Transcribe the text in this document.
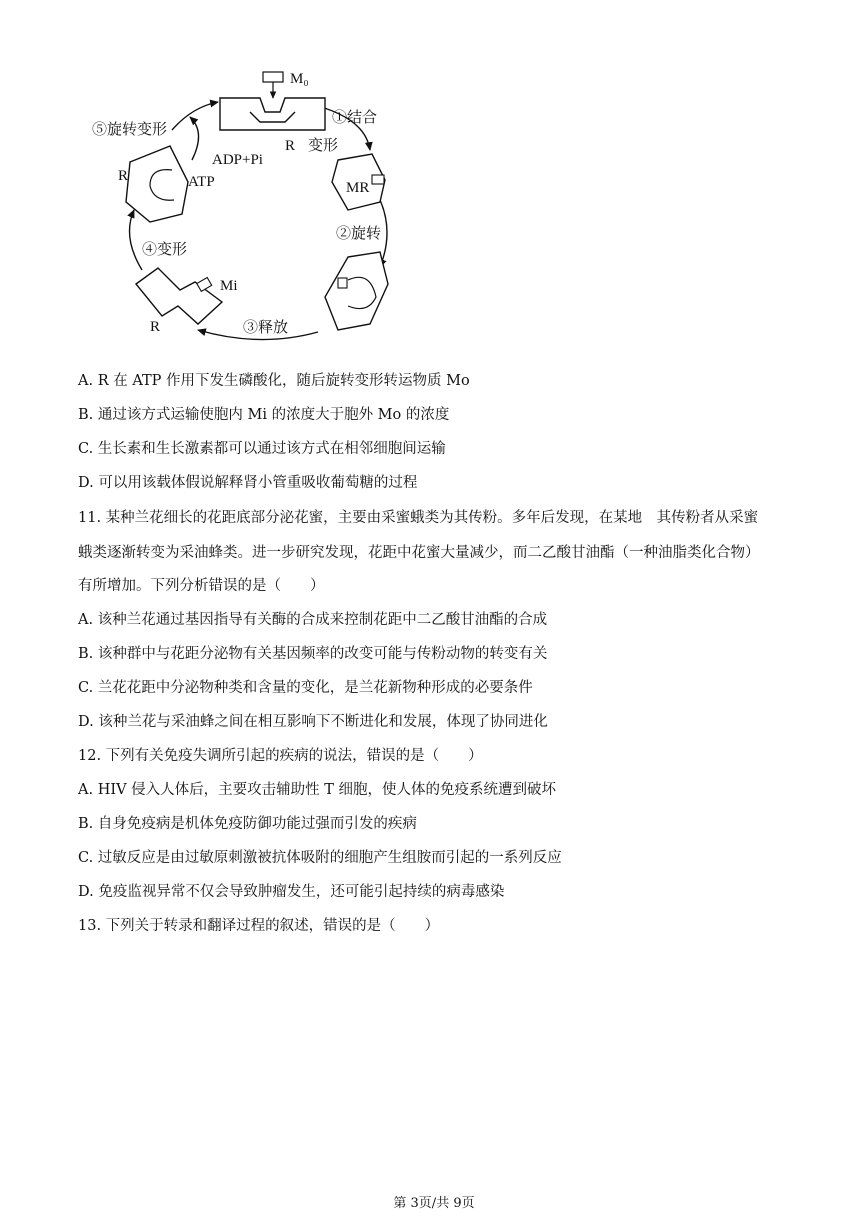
M₀
R
①结合
变形
MR
②旋转
③释放
Mi
R
④变形
R	ATP
ADP+Pi
⑤旋转变形
A. R 在 ATP 作用下发生磷酸化，随后旋转变形转运物质 Mo
B. 通过该方式运输使胞内 Mi 的浓度大于胞外 Mo 的浓度
C. 生长素和生长激素都可以通过该方式在相邻细胞间运输
D. 可以用该载体假说解释肾小管重吸收葡萄糖的过程
11. 某种兰花细长的花距底部分泌花蜜，主要由采蜜蛾类为其传粉。多年后发现，在某地　其传粉者从采蜜
蛾类逐渐转变为采油蜂类。进一步研究发现，花距中花蜜大量减少，而二乙酸甘油酯（一种油脂类化合物）
有所增加。下列分析错误的是（　　）
A. 该种兰花通过基因指导有关酶的合成来控制花距中二乙酸甘油酯的合成
B. 该种群中与花距分泌物有关基因频率的改变可能与传粉动物的转变有关
C. 兰花花距中分泌物种类和含量的变化，是兰花新物种形成的必要条件
D. 该种兰花与采油蜂之间在相互影响下不断进化和发展，体现了协同进化
12. 下列有关免疫失调所引起的疾病的说法，错误的是（　　）
A. HIV 侵入人体后，主要攻击辅助性 T 细胞，使人体的免疫系统遭到破坏
B. 自身免疫病是机体免疫防御功能过强而引发的疾病
C. 过敏反应是由过敏原刺激被抗体吸附的细胞产生组胺而引起的一系列反应
D. 免疫监视异常不仅会导致肿瘤发生，还可能引起持续的病毒感染
13. 下列关于转录和翻译过程的叙述，错误的是（　　）
第 3页/共 9页
